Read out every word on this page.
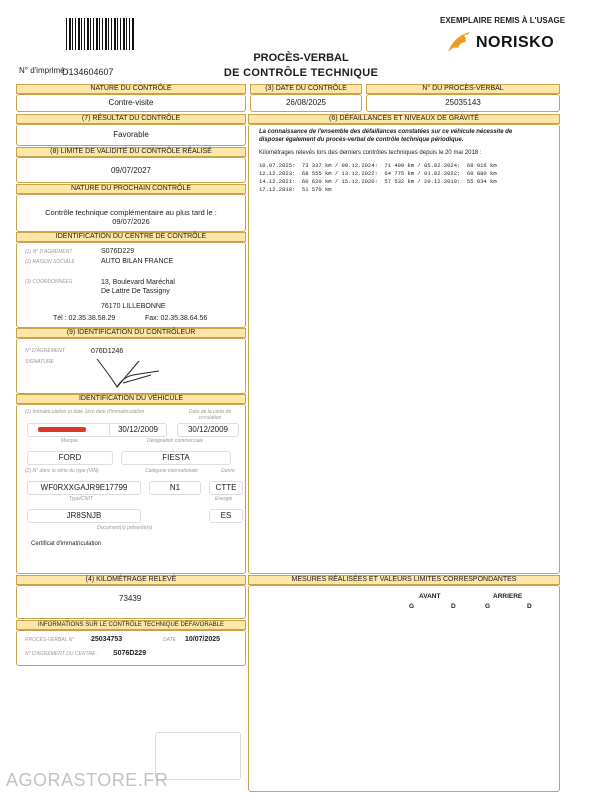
EXEMPLAIRE REMIS À L'USAGE
NORISKO
PROCÈS-VERBAL
DE CONTRÔLE TECHNIQUE
N° d'imprimé :
D134604607
NATURE DU CONTRÔLE
Contre-visite
(3) DATE DU CONTRÔLE
26/08/2025
N° DU PROCÈS-VERBAL
25035143
(7) RÉSULTAT DU CONTRÔLE
Favorable
(8) LIMITE DE VALIDITÉ DU CONTRÔLE RÉALISÉ
09/07/2027
NATURE DU PROCHAIN CONTRÔLE
Contrôle technique complémentaire au plus tard le :
09/07/2026
IDENTIFICATION DU CENTRE DE CONTRÔLE
(1) N° D'AGRÉMENT	S076D229
(2) RAISON SOCIALE	AUTO BILAN FRANCE
(3) COORDONNÉES	13, Boulevard Maréchal
De Lattre De Tassigny
76170 LILLEBONNE
Tél : 02.35.38.58.29	Fax: 02.35.38.64.56
(9) IDENTIFICATION DU CONTRÔLEUR
N° D'AGRÉMENT	076D1246
SIGNATURE
IDENTIFICATION DU VÉHICULE
(1) Immatriculation et date 1ère date d'immatriculation	Date de la carte de circulation
30/12/2009	30/12/2009
Marque	Désignation commerciale
FORD	FIESTA
(2) N° dans la série du type (VIN)	Catégorie internationale	Genre
WF0RXXGAJR9E17799	N1	CTTE
Type/CNIT	Énergie
JR8SNJB	ES
Document(s) présenté(s)
Certificat d'immatriculation
(4) KILOMÉTRAGE RELEVÉ
73439
INFORMATIONS SUR LE CONTRÔLE TECHNIQUE DÉFAVORABLE
PROCÈS-VERBAL N° : 25034753	DATE : 10/07/2025
N° D'AGRÉMENT DU CENTRE : S076D229
(6) DÉFAILLANCES ET NIVEAUX DE GRAVITÉ
La connaissance de l'ensemble des défaillances constatées sur ce véhicule nécessite de
disposer également du procès-verbal de contrôle technique périodique.
Kilométrages relevés lors des derniers contrôles techniques depuis le 20 mai 2018 :
10.07.2025:  73 337 km / 09.12.2024:  71 499 km / 05.02.2024:  68 916 km
12.12.2023:  68 555 km / 13.12.2022:  64 775 km / 01.02.2022:  60 880 km
14.12.2021:  60 620 km / 15.12.2020:  57 532 km / 20.12.2019:  55 034 km
17.12.2018:  51 570 km
MESURES RÉALISÉES ET VALEURS LIMITES CORRESPONDANTES
AVANT	ARRIERE
G	D	G	D
AGORASTORE.FR
